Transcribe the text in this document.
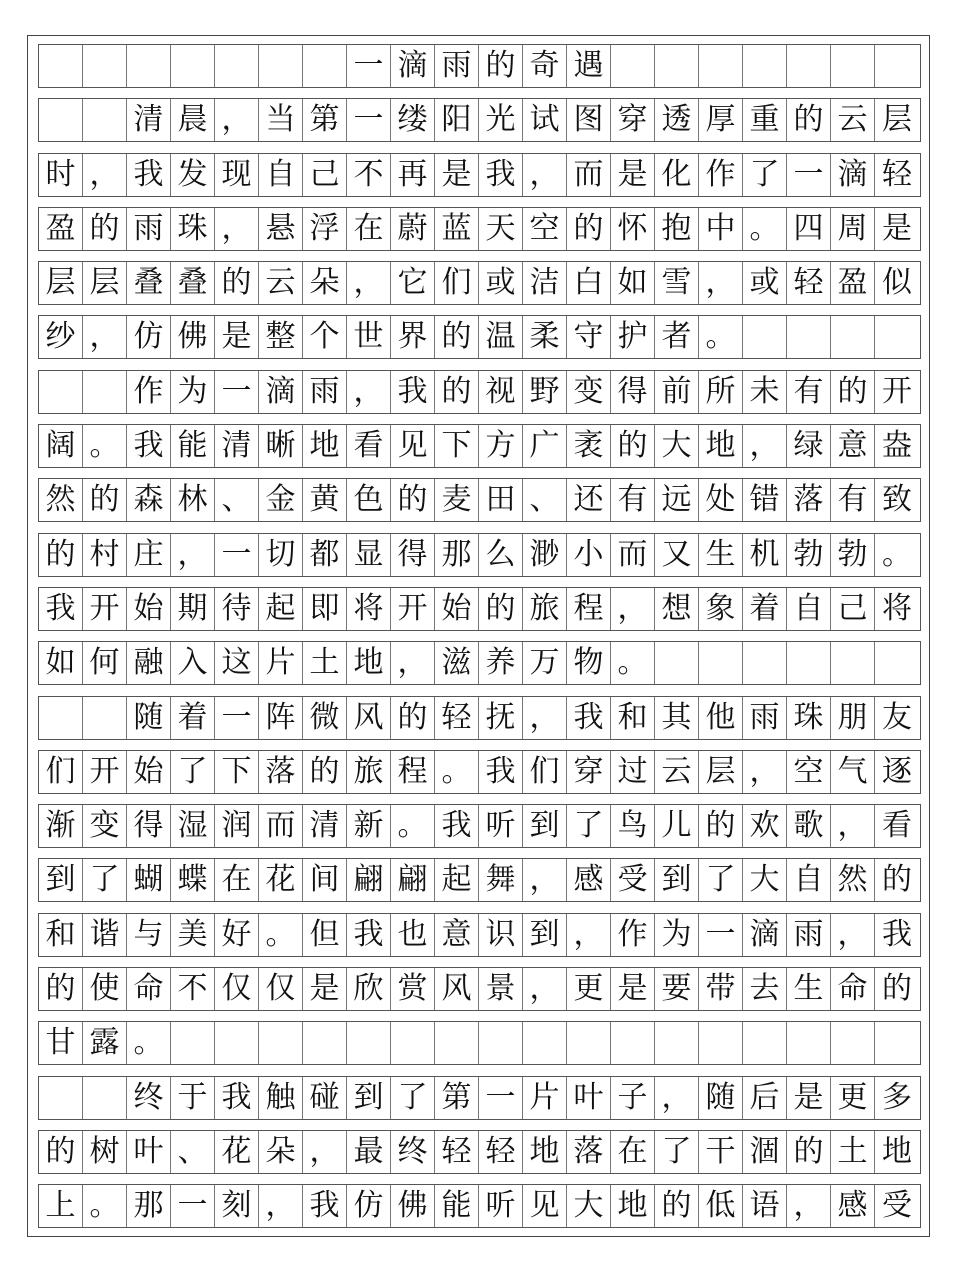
一 滴 雨 的 奇 遇
清 晨 ， 当 第 一 缕 阳 光 试 图 穿 透 厚 重 的 云 层
时 ， 我 发 现 自 己 不 再 是 我 ， 而 是 化 作 了 一 滴 轻
盈 的 雨 珠 ， 悬 浮 在 蔚 蓝 天 空 的 怀 抱 中 。 四 周 是
层 层 叠 叠 的 云 朵 ， 它 们 或 洁 白 如 雪 ， 或 轻 盈 似
纱 ， 仿 佛 是 整 个 世 界 的 温 柔 守 护 者 。
作 为 一 滴 雨 ， 我 的 视 野 变 得 前 所 未 有 的 开
阔 。 我 能 清 晰 地 看 见 下 方 广 袤 的 大 地 ， 绿 意 盎
然 的 森 林 、 金 黄 色 的 麦 田 、 还 有 远 处 错 落 有 致
的 村 庄 ， 一 切 都 显 得 那 么 渺 小 而 又 生 机 勃 勃 。
我 开 始 期 待 起 即 将 开 始 的 旅 程 ， 想 象 着 自 己 将
如 何 融 入 这 片 土 地 ， 滋 养 万 物 。
随 着 一 阵 微 风 的 轻 抚 ， 我 和 其 他 雨 珠 朋 友
们 开 始 了 下 落 的 旅 程 。 我 们 穿 过 云 层 ， 空 气 逐
渐 变 得 湿 润 而 清 新 。 我 听 到 了 鸟 儿 的 欢 歌 ， 看
到 了 蝴 蝶 在 花 间 翩 翩 起 舞 ， 感 受 到 了 大 自 然 的
和 谐 与 美 好 。 但 我 也 意 识 到 ， 作 为 一 滴 雨 ， 我
的 使 命 不 仅 仅 是 欣 赏 风 景 ， 更 是 要 带 去 生 命 的
甘 露 。
终 于 我 触 碰 到 了 第 一 片 叶 子 ， 随 后 是 更 多
的 树 叶 、 花 朵 ， 最 终 轻 轻 地 落 在 了 干 涸 的 土 地
上 。 那 一 刻 ， 我 仿 佛 能 听 见 大 地 的 低 语 ， 感 受
